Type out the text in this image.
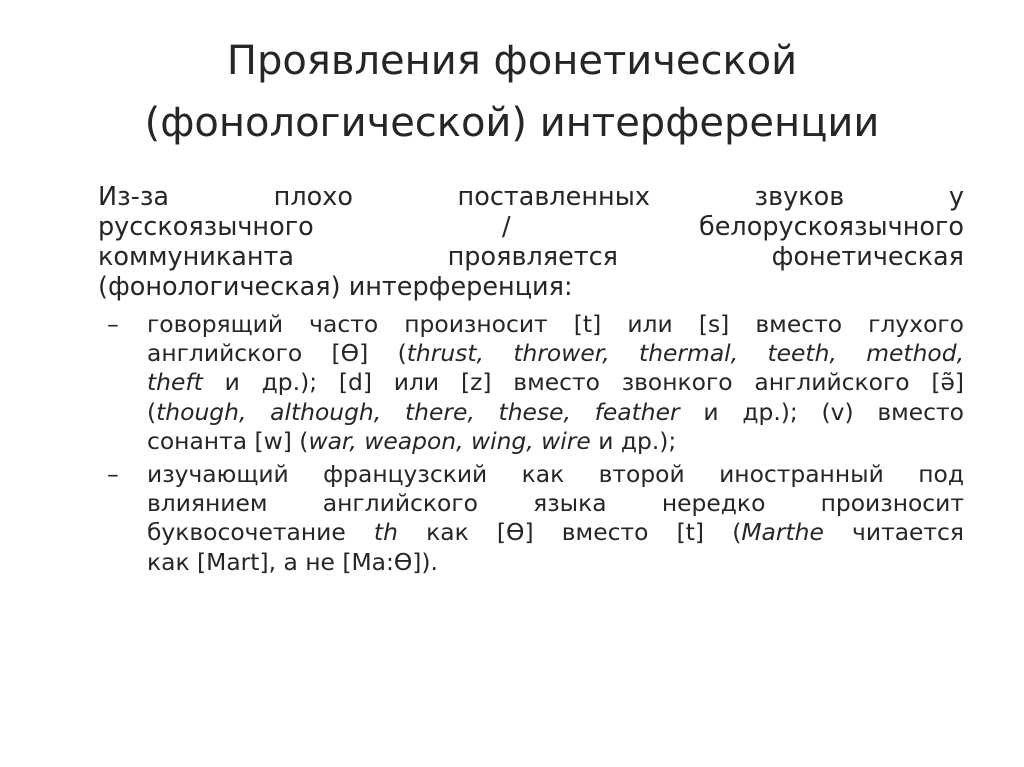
Проявления фонетической
(фонологической) интерференции

Из-за плохо поставленных звуков у
русскоязычного / белорускоязычного
коммуниканта проявляется фонетическая
(фонологическая) интерференция:

–	говорящий часто произносит [t] или [s] вместо глухого
английского [Ɵ] (thrust, thrower, thermal, teeth, method,
theft и др.); [d] или [z] вместо звонкого английского [ə̃]
(though, although, there, these, feather и др.); (v) вместо
сонанта [w] (war, weapon, wing, wire и др.);
–	изучающий французский как второй иностранный под
влиянием английского языка нередко произносит
буквосочетание th как [Ɵ] вместо [t] (Marthe читается
как [Mart], а не [Ma:Ɵ]).
